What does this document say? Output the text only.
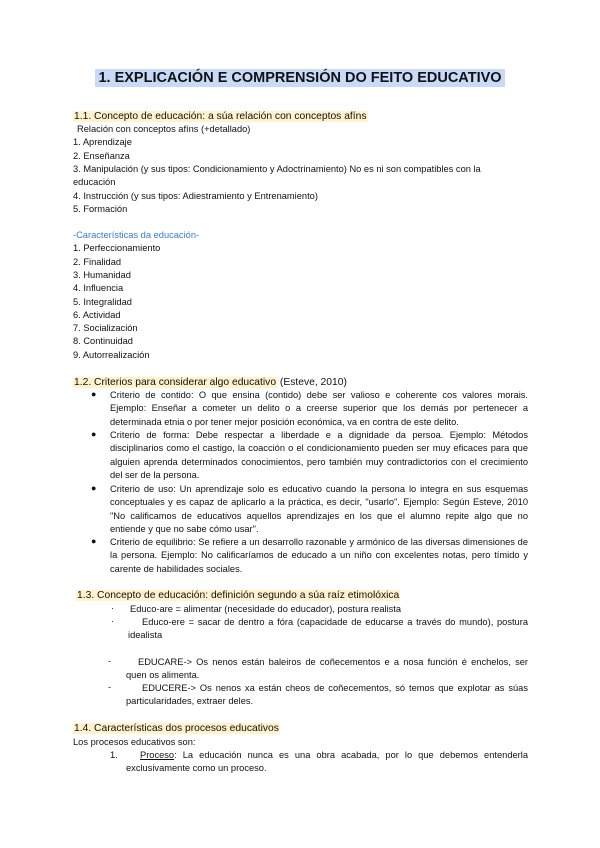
1. EXPLICACIÓN E COMPRENSIÓN DO FEITO EDUCATIVO
1.1. Concepto de educación: a súa relación con conceptos afíns
Relación con conceptos afíns (+detallado)
1. Aprendizaje
2. Enseñanza
3. Manipulación (y sus tipos: Condicionamiento y Adoctrinamiento) No es ni son compatibles con la
educación
4. Instrucción (y sus tipos: Adiestramiento y Entrenamiento)
5. Formación
-Características da educación-
1. Perfeccionamiento
2. Finalidad
3. Humanidad
4. Influencia
5. Integralidad
6. Actividad
7. Socialización
8. Continuidad
9. Autorrealización
1.2. Criterios para considerar algo educativo (Esteve, 2010)
● Criterio de contido: O que ensina (contido) debe ser valioso e coherente cos valores morais. Ejemplo: Enseñar a cometer un delito o a creerse superior que los demás por pertenecer a determinada etnia o por tener mejor posición económica, va en contra de este delito.
● Criterio de forma: Debe respectar a liberdade e a dignidade da persoa. Ejemplo: Métodos disciplinarios como el castigo, la coacción o el condicionamiento pueden ser muy eficaces para que alguien aprenda determinados conocimientos, pero también muy contradictorios con el crecimiento del ser de la persona.
● Criterio de uso: Un aprendizaje solo es educativo cuando la persona lo integra en sus esquemas conceptuales y es capaz de aplicarlo a la práctica, es decir, "usarlo". Ejemplo: Según Esteve, 2010 "No calificamos de educativos aquellos aprendizajes en los que el alumno repite algo que no entiende y que no sabe cómo usar".
● Criterio de equilibrio: Se refiere a un desarrollo razonable y armónico de las diversas dimensiones de la persona. Ejemplo: No calificaríamos de educado a un niño con excelentes notas, pero tímido y carente de habilidades sociales.
1.3. Concepto de educación: definición segundo a súa raíz etimolóxica
· Educo-are = alimentar (necesidade do educador), postura realista
·	Educo-ere = sacar de dentro a fóra (capacidade de educarse a través do mundo), postura idealista
-	EDUCARE-> Os nenos están baleiros de coñecementos e a nosa función é enchelos, ser quen os alimenta.
-	EDUCERE-> Os nenos xa están cheos de coñecementos, só temos que explotar as súas particularidades, extraer deles.
1.4. Características dos procesos educativos
Los procesos educativos son:
1.	Proceso: La educación nunca es una obra acabada, por lo que debemos entenderla exclusivamente como un proceso.
